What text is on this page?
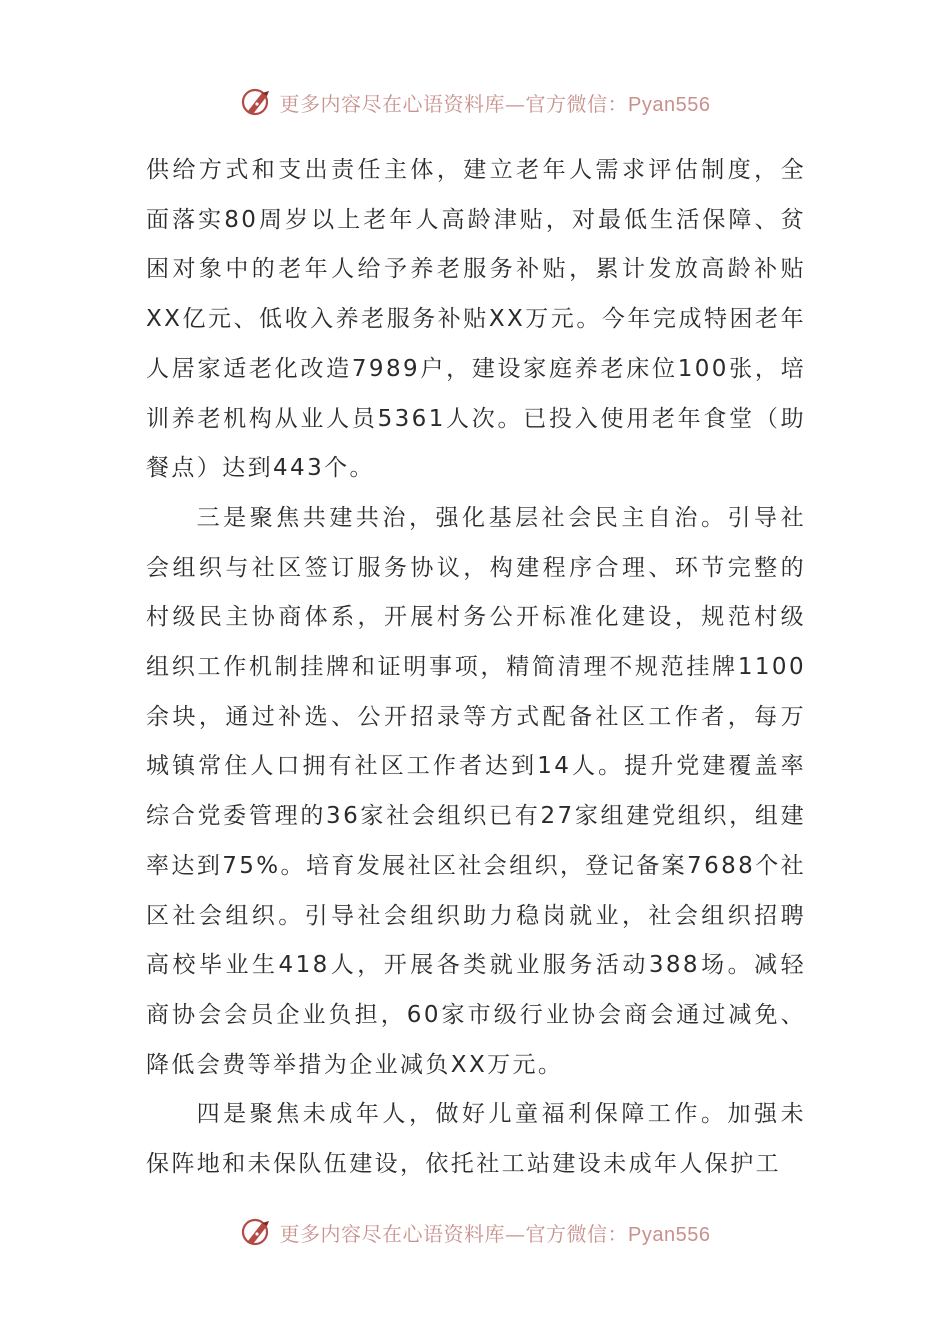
更多内容尽在心语资料库—官方微信：Pyan556

供给方式和支出责任主体，建立老年人需求评估制度，全面落实80周岁以上老年人高龄津贴，对最低生活保障、贫困对象中的老年人给予养老服务补贴，累计发放高龄补贴XX亿元、低收入养老服务补贴XX万元。今年完成特困老年人居家适老化改造7989户，建设家庭养老床位100张，培训养老机构从业人员5361人次。已投入使用老年食堂（助餐点）达到443个。

三是聚焦共建共治，强化基层社会民主自治。引导社会组织与社区签订服务协议，构建程序合理、环节完整的村级民主协商体系，开展村务公开标准化建设，规范村级组织工作机制挂牌和证明事项，精简清理不规范挂牌1100余块，通过补选、公开招录等方式配备社区工作者，每万城镇常住人口拥有社区工作者达到14人。提升党建覆盖率综合党委管理的36家社会组织已有27家组建党组织，组建率达到75%。培育发展社区社会组织，登记备案7688个社区社会组织。引导社会组织助力稳岗就业，社会组织招聘高校毕业生418人，开展各类就业服务活动388场。减轻商协会会员企业负担，60家市级行业协会商会通过减免、降低会费等举措为企业减负XX万元。

四是聚焦未成年人，做好儿童福利保障工作。加强未保阵地和未保队伍建设，依托社工站建设未成年人保护工

更多内容尽在心语资料库—官方微信：Pyan556
